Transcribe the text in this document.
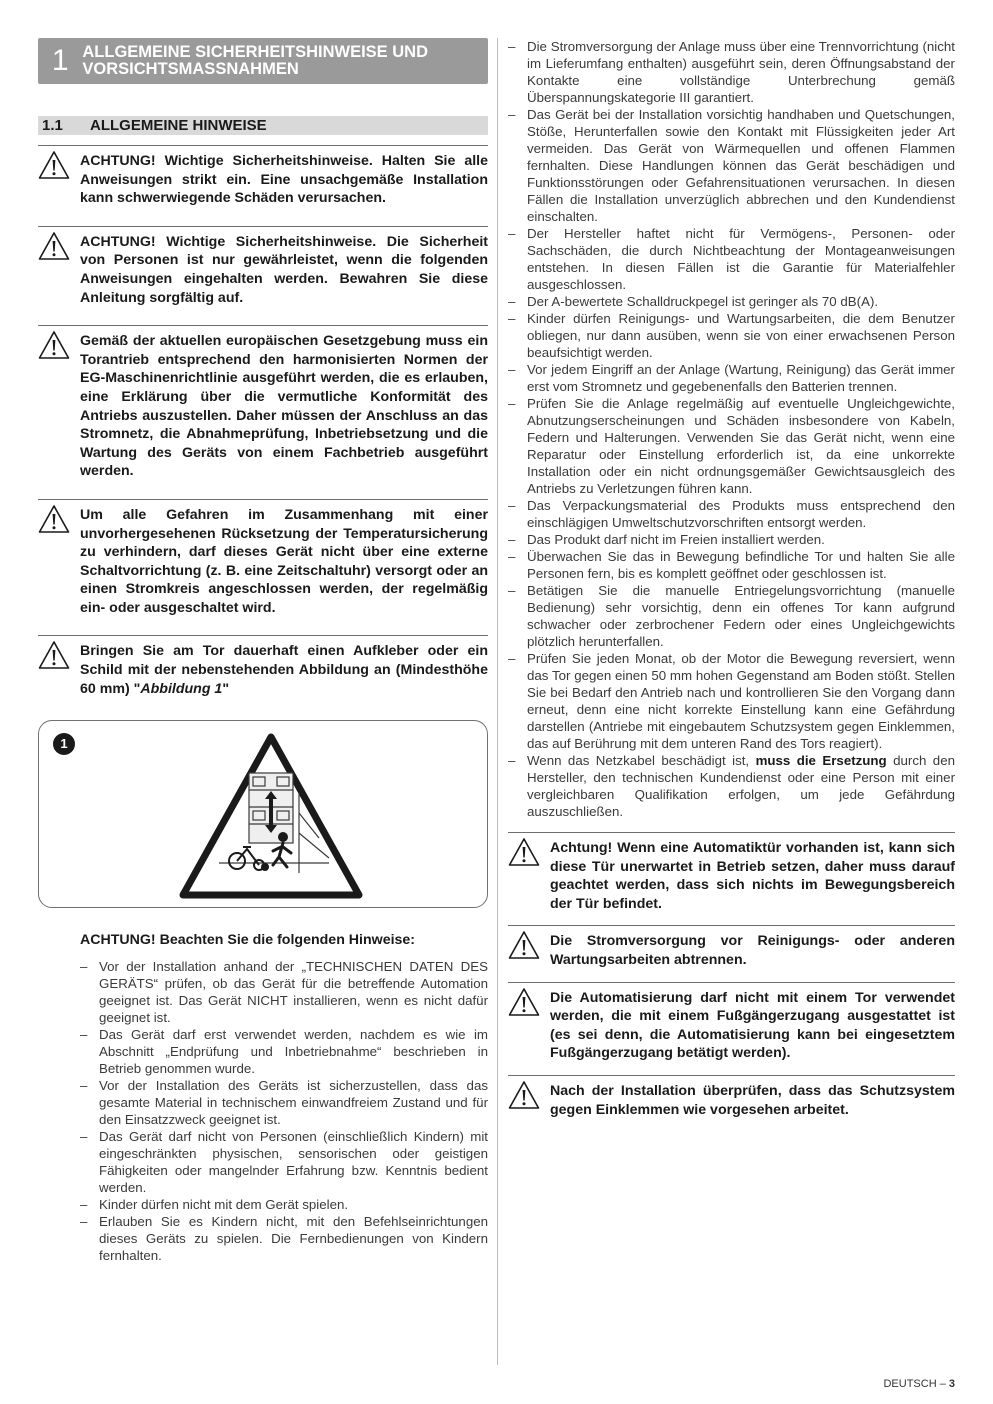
1 ALLGEMEINE SICHERHEITSHINWEISE UND VORSICHTSMASSNAHMEN
1.1	ALLGEMEINE HINWEISE

ACHTUNG! Wichtige Sicherheitshinweise. Halten Sie alle Anweisungen strikt ein. Eine unsachgemäße Installation kann schwerwiegende Schäden verursachen.

ACHTUNG! Wichtige Sicherheitshinweise. Die Sicherheit von Personen ist nur gewährleistet, wenn die folgenden Anweisungen eingehalten werden. Bewahren Sie diese Anleitung sorgfältig auf.

Gemäß der aktuellen europäischen Gesetzgebung muss ein Torantrieb entsprechend den harmonisierten Normen der EG-Maschinenrichtlinie ausgeführt werden, die es erlauben, eine Erklärung über die vermutliche Konformität des Antriebs auszustellen. Daher müssen der Anschluss an das Stromnetz, die Abnahmeprüfung, Inbetriebsetzung und die Wartung des Geräts von einem Fachbetrieb ausgeführt werden.

Um alle Gefahren im Zusammenhang mit einer unvorhergesehenen Rücksetzung der Temperatursicherung zu verhindern, darf dieses Gerät nicht über eine externe Schaltvorrichtung (z. B. eine Zeitschaltuhr) versorgt oder an einen Stromkreis angeschlossen werden, der regelmäßig ein- oder ausgeschaltet wird.

Bringen Sie am Tor dauerhaft einen Aufkleber oder ein Schild mit der nebenstehenden Abbildung an (Mindesthöhe 60 mm) "Abbildung 1"

1
ACHTUNG! Beachten Sie die folgenden Hinweise:
– Vor der Installation anhand der „TECHNISCHEN DATEN DES GERÄTS“ prüfen, ob das Gerät für die betreffende Automation geeignet ist. Das Gerät NICHT installieren, wenn es nicht dafür geeignet ist.
– Das Gerät darf erst verwendet werden, nachdem es wie im Abschnitt „Endprüfung und Inbetriebnahme“ beschrieben in Betrieb genommen wurde.
– Vor der Installation des Geräts ist sicherzustellen, dass das gesamte Material in technischem einwandfreiem Zustand und für den Einsatzzweck geeignet ist.
– Das Gerät darf nicht von Personen (einschließlich Kindern) mit eingeschränkten physischen, sensorischen oder geistigen Fähigkeiten oder mangelnder Erfahrung bzw. Kenntnis bedient werden.
– Kinder dürfen nicht mit dem Gerät spielen.
– Erlauben Sie es Kindern nicht, mit den Befehlseinrichtungen dieses Geräts zu spielen. Die Fernbedienungen von Kindern fernhalten.
– Die Stromversorgung der Anlage muss über eine Trennvorrichtung (nicht im Lieferumfang enthalten) ausgeführt sein, deren Öffnungsabstand der Kontakte eine vollständige Unterbrechung gemäß Überspannungskategorie III garantiert.
– Das Gerät bei der Installation vorsichtig handhaben und Quetschungen, Stöße, Herunterfallen sowie den Kontakt mit Flüssigkeiten jeder Art vermeiden. Das Gerät von Wärmequellen und offenen Flammen fernhalten. Diese Handlungen können das Gerät beschädigen und Funktionsstörungen oder Gefahrensituationen verursachen. In diesen Fällen die Installation unverzüglich abbrechen und den Kundendienst einschalten.
– Der Hersteller haftet nicht für Vermögens-, Personen- oder Sachschäden, die durch Nichtbeachtung der Montageanweisungen entstehen. In diesen Fällen ist die Garantie für Materialfehler ausgeschlossen.
– Der A-bewertete Schalldruckpegel ist geringer als 70 dB(A).
– Kinder dürfen Reinigungs- und Wartungsarbeiten, die dem Benutzer obliegen, nur dann ausüben, wenn sie von einer erwachsenen Person beaufsichtigt werden.
– Vor jedem Eingriff an der Anlage (Wartung, Reinigung) das Gerät immer erst vom Stromnetz und gegebenenfalls den Batterien trennen.
– Prüfen Sie die Anlage regelmäßig auf eventuelle Ungleichgewichte, Abnutzungserscheinungen und Schäden insbesondere von Kabeln, Federn und Halterungen. Verwenden Sie das Gerät nicht, wenn eine Reparatur oder Einstellung erforderlich ist, da eine unkorrekte Installation oder ein nicht ordnungsgemäßer Gewichtsausgleich des Antriebs zu Verletzungen führen kann.
– Das Verpackungsmaterial des Produkts muss entsprechend den einschlägigen Umweltschutzvorschriften entsorgt werden.
– Das Produkt darf nicht im Freien installiert werden.
– Überwachen Sie das in Bewegung befindliche Tor und halten Sie alle Personen fern, bis es komplett geöffnet oder geschlossen ist.
– Betätigen Sie die manuelle Entriegelungsvorrichtung (manuelle Bedienung) sehr vorsichtig, denn ein offenes Tor kann aufgrund schwacher oder zerbrochener Federn oder eines Ungleichgewichts plötzlich herunterfallen.
– Prüfen Sie jeden Monat, ob der Motor die Bewegung reversiert, wenn das Tor gegen einen 50 mm hohen Gegenstand am Boden stößt. Stellen Sie bei Bedarf den Antrieb nach und kontrollieren Sie den Vorgang dann erneut, denn eine nicht korrekte Einstellung kann eine Gefährdung darstellen (Antriebe mit eingebautem Schutzsystem gegen Einklemmen, das auf Berührung mit dem unteren Rand des Tors reagiert).
– Wenn das Netzkabel beschädigt ist, muss die Ersetzung durch den Hersteller, den technischen Kundendienst oder eine Person mit einer vergleichbaren Qualifikation erfolgen, um jede Gefährdung auszuschließen.

Achtung! Wenn eine Automatiktür vorhanden ist, kann sich diese Tür unerwartet in Betrieb setzen, daher muss darauf geachtet werden, dass sich nichts im Bewegungsbereich der Tür befindet.

Die Stromversorgung vor Reinigungs- oder anderen Wartungsarbeiten abtrennen.

Die Automatisierung darf nicht mit einem Tor verwendet werden, die mit einem Fußgängerzugang ausgestattet ist (es sei denn, die Automatisierung kann bei eingesetztem Fußgängerzugang betätigt werden).

Nach der Installation überprüfen, dass das Schutzsystem gegen Einklemmen wie vorgesehen arbeitet.

DEUTSCH – 3
